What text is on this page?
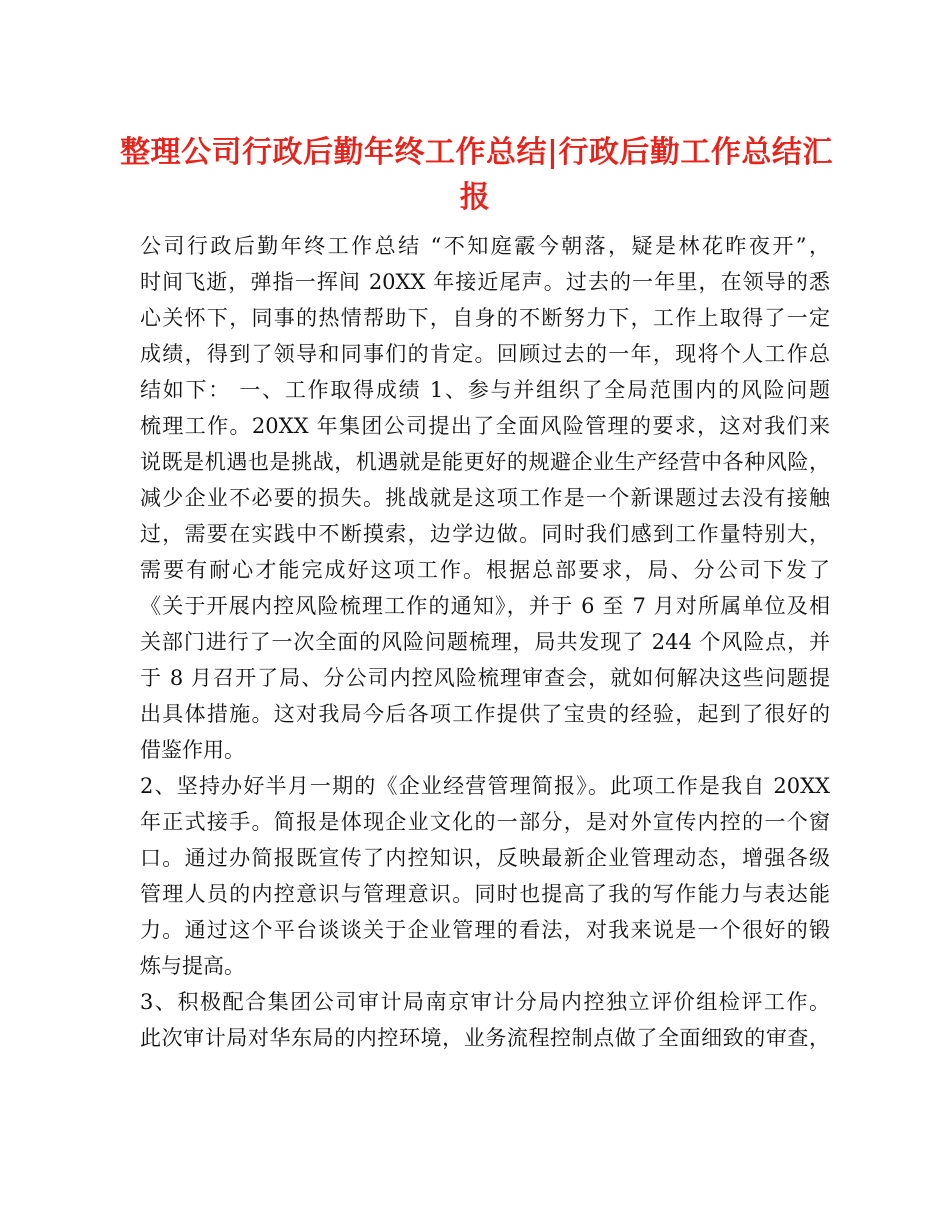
整理公司行政后勤年终工作总结|行政后勤工作总结汇
报
公司行政后勤年终工作总结 “不知庭霰今朝落，疑是林花昨夜开”，
时间飞逝，弹指一挥间 20XX 年接近尾声。过去的一年里，在领导的悉
心关怀下，同事的热情帮助下，自身的不断努力下，工作上取得了一定
成绩，得到了领导和同事们的肯定。回顾过去的一年，现将个人工作总
结如下： 一、工作取得成绩 1、参与并组织了全局范围内的风险问题
梳理工作。20XX 年集团公司提出了全面风险管理的要求，这对我们来
说既是机遇也是挑战，机遇就是能更好的规避企业生产经营中各种风险，
减少企业不必要的损失。挑战就是这项工作是一个新课题过去没有接触
过，需要在实践中不断摸索，边学边做。同时我们感到工作量特别大，
需要有耐心才能完成好这项工作。根据总部要求，局、分公司下发了
《关于开展内控风险梳理工作的通知》，并于 6 至 7 月对所属单位及相
关部门进行了一次全面的风险问题梳理，局共发现了 244 个风险点，并
于 8 月召开了局、分公司内控风险梳理审查会，就如何解决这些问题提
出具体措施。这对我局今后各项工作提供了宝贵的经验，起到了很好的
借鉴作用。
2、坚持办好半月一期的《企业经营管理简报》。此项工作是我自 20XX
年正式接手。简报是体现企业文化的一部分，是对外宣传内控的一个窗
口。通过办简报既宣传了内控知识，反映最新企业管理动态，增强各级
管理人员的内控意识与管理意识。同时也提高了我的写作能力与表达能
力。通过这个平台谈谈关于企业管理的看法，对我来说是一个很好的锻
炼与提高。
3、积极配合集团公司审计局南京审计分局内控独立评价组检评工作。
此次审计局对华东局的内控环境，业务流程控制点做了全面细致的审查，
